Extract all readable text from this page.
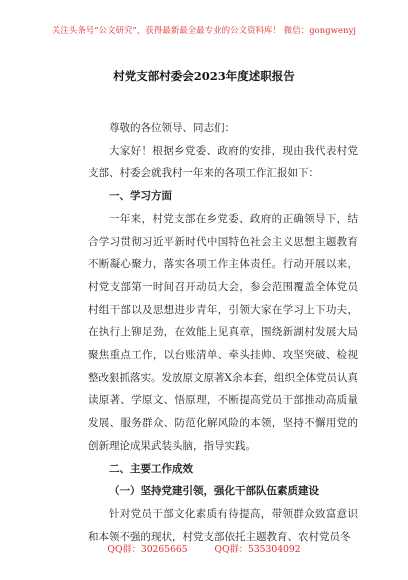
关注头条号“公文研究”，获得最新最全最专业的公文资料库！ 微信：gongwenyj
村党支部村委会2023年度述职报告

尊敬的各位领导、同志们：

大家好！根据乡党委、政府的安排，现由我代表村党支部、村委会就我村一年来的各项工作汇报如下：

一、学习方面

一年来，村党支部在乡党委、政府的正确领导下，结合学习贯彻习近平新时代中国特色社会主义思想主题教育不断凝心聚力，落实各项工作主体责任。行动开展以来，村党支部第一时间召开动员大会，参会范围覆盖全体党员村组干部以及思想进步青年，引领大家在学习上下功夫，在执行上铆足劲，在效能上见真章，围绕新湖村发展大局聚焦重点工作，以台账清单、牵头挂帅、攻坚突破、检视整改狠抓落实。发放原文原著X余本套，组织全体党员认真读原著、学原文、悟原理，不断提高党员干部推动高质量发展、服务群众、防范化解风险的本领，坚持不懈用党的创新理论成果武装头脑，指导实践。

二、主要工作成效

（一）坚持党建引领，强化干部队伍素质建设

针对党员干部文化素质有待提高，带领群众致富意识和本领不强的现状，村党支部依托主题教育、农村党员冬

QQ群：30265665	QQ群：535304092
